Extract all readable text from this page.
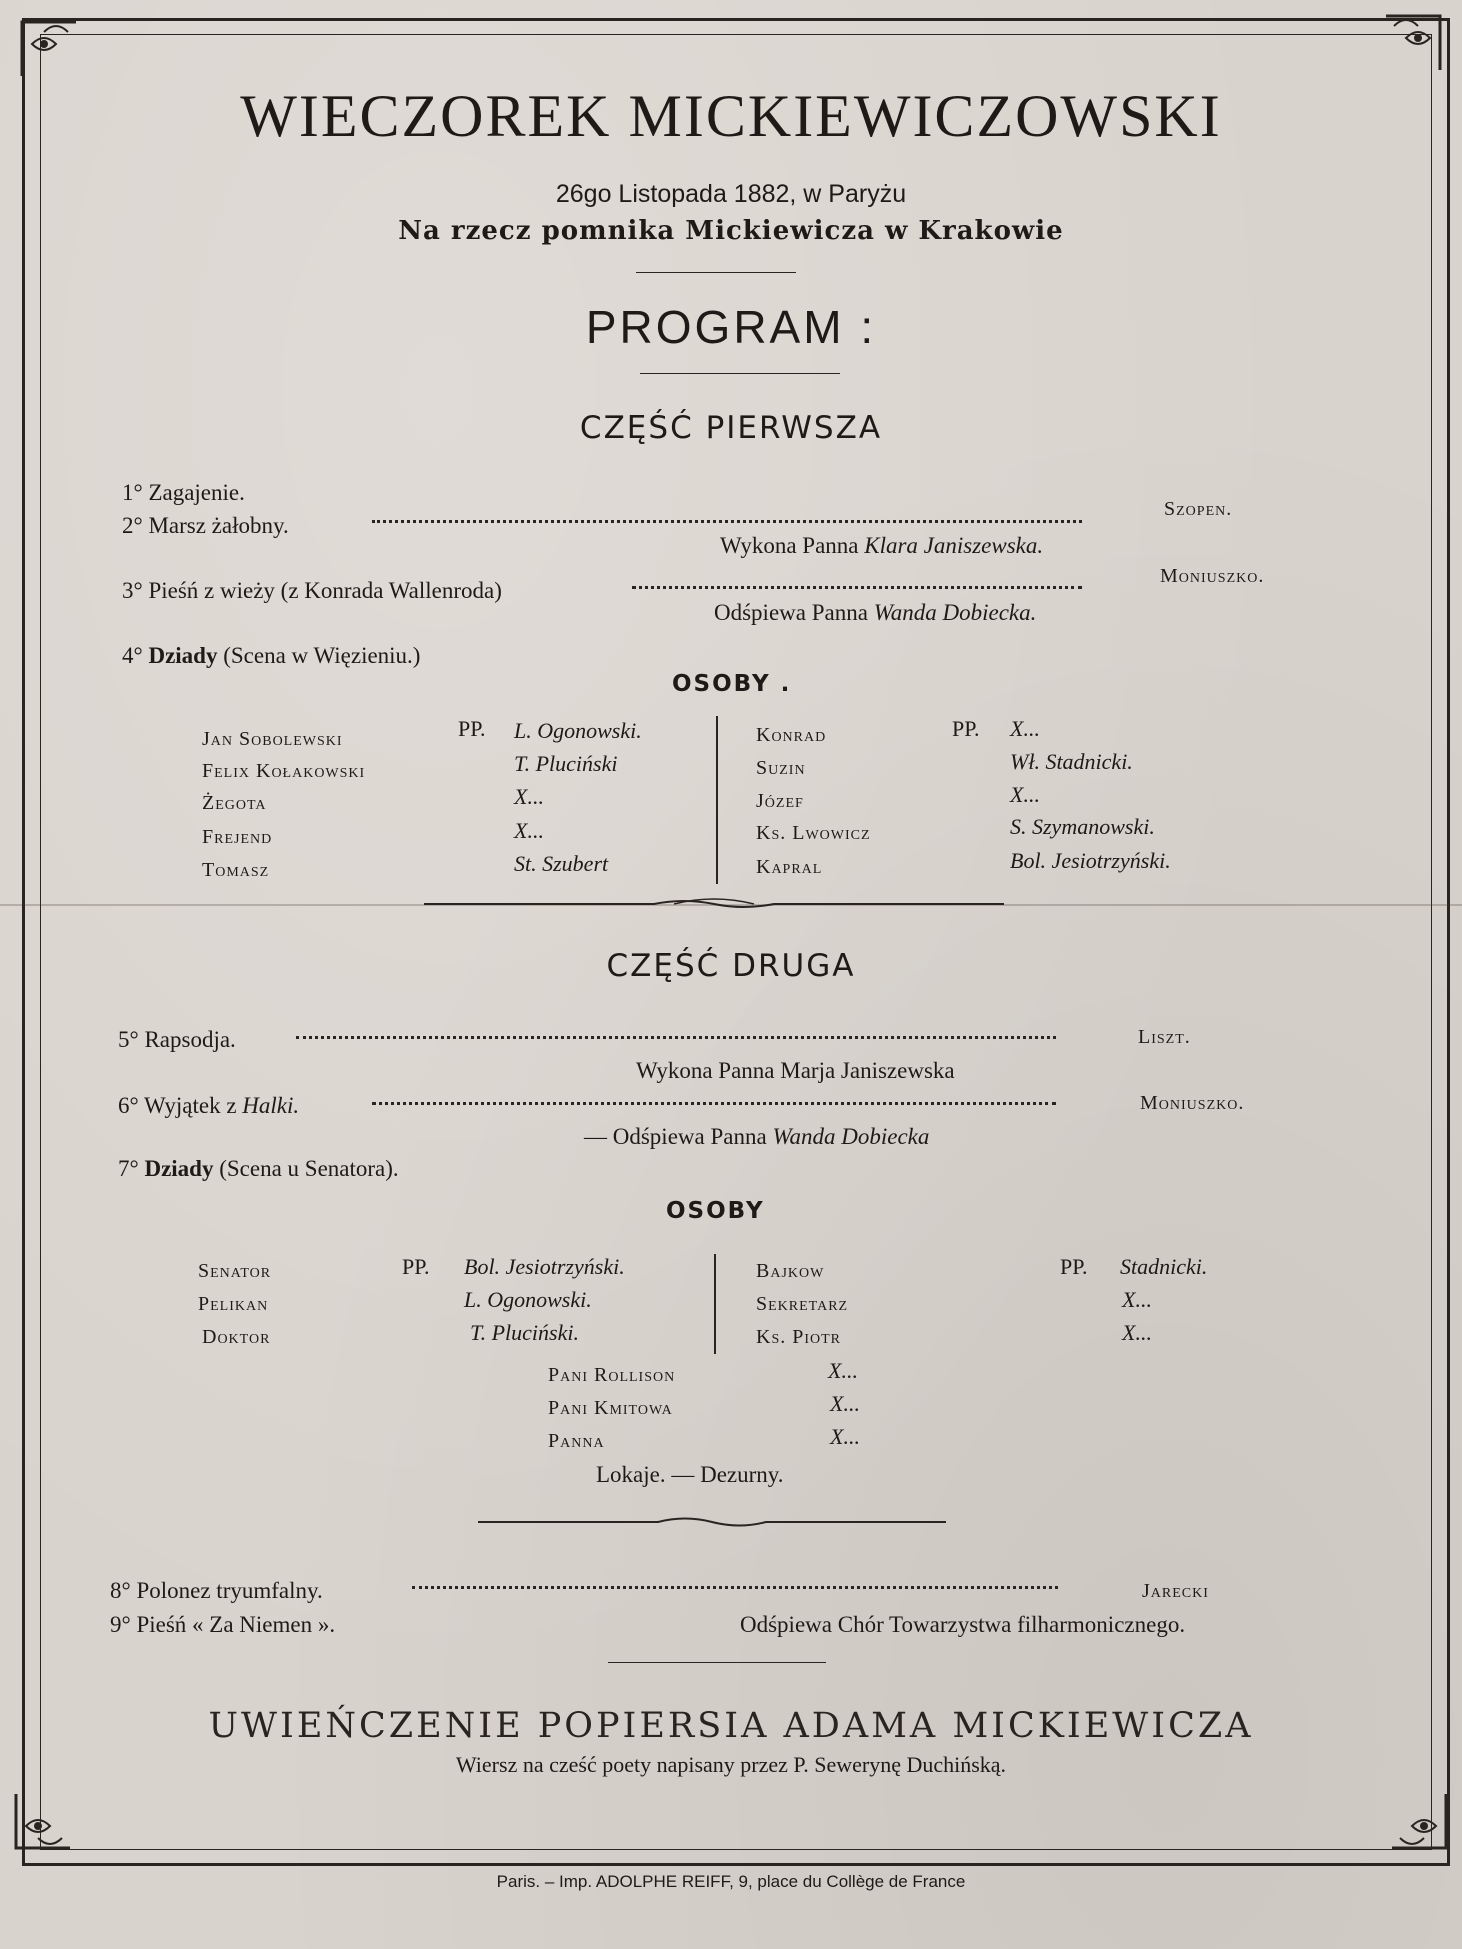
WIECZOREK MICKIEWICZOWSKI
26go Listopada 1882, w Paryżu
Na rzecz pomnika Mickiewicza w Krakowie
PROGRAM :
CZĘŚĆ PIERWSZA
1° Zagajenie.
2° Marsz żałobny.
Szopen.
Wykona Panna Klara Janiszewska.
3° Pieśń z wieży (z Konrada Wallenroda)
Moniuszko.
Odśpiewa Panna Wanda Dobiecka.
4° Dziady (Scena w Więzieniu.)
OSOBY .
PP.	PP.
Jan Sobolewski	L. Ogonowski.
Felix Kołakowski	T. Pluciński
Żegota	X...
Frejend	X...
Tomasz	St. Szubert
Konrad	X...
Suzin	Wł. Stadnicki.
Józef	X...
Ks. Lwowicz	S. Szymanowski.
Kapral	Bol. Jesiotrzyński.
CZĘŚĆ DRUGA
5° Rapsodja.	Liszt.
Wykona Panna Marja Janiszewska
6° Wyjątek z Halki.	Moniuszko.
— Odśpiewa Panna Wanda Dobiecka
7° Dziady (Scena u Senatora).
OSOBY
PP.	PP.
Senator	Bol. Jesiotrzyński.
Pelikan	L. Ogonowski.
Doktor	T. Pluciński.
Bajkow	Stadnicki.
Sekretarz	X...
Ks. Piotr	X...
Pani Rollison	X...
Pani Kmitowa	X...
Panna	X...
Lokaje. — Dezurny.
8° Polonez tryumfalny.	Jarecki
9° Pieśń « Za Niemen ».	Odśpiewa Chór Towarzystwa filharmonicznego.
UWIEŃCZENIE POPIERSIA ADAMA MICKIEWICZA
Wiersz na cześć poety napisany przez P. Sewerynę Duchińską.
Paris. – Imp. ADOLPHE REIFF, 9, place du Collège de France
